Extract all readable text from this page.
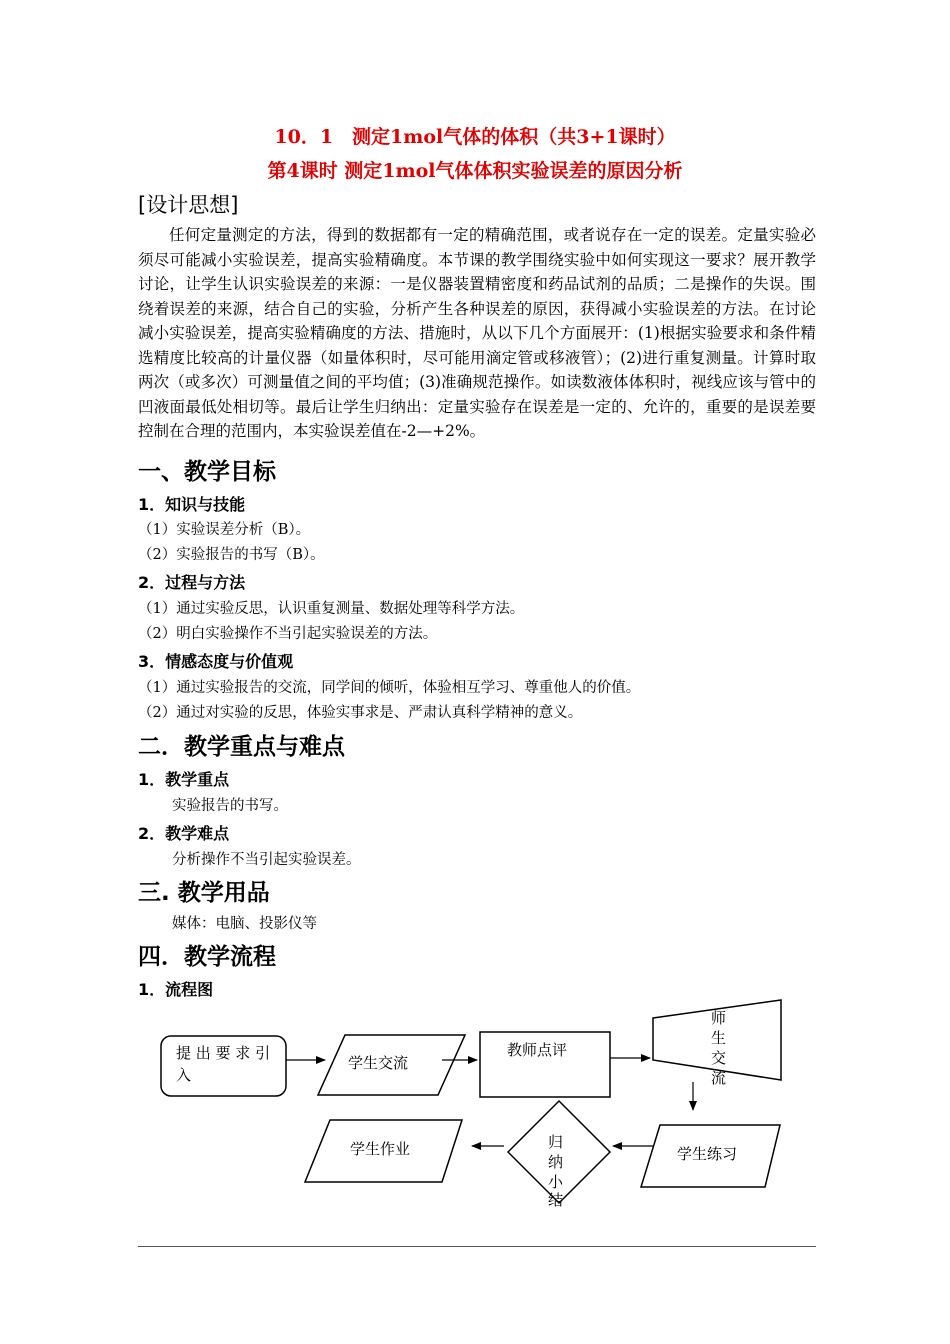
10．1　测定1mol气体的体积（共3+1课时）
第4课时 测定1mol气体体积实验误差的原因分析
[设计思想]
任何定量测定的方法，得到的数据都有一定的精确范围，或者说存在一定的误差。定量实验必须尽可能减小实验误差，提高实验精确度。本节课的教学围绕实验中如何实现这一要求？展开教学讨论，让学生认识实验误差的来源：一是仪器装置精密度和药品试剂的品质；二是操作的失误。围绕着误差的来源，结合自己的实验，分析产生各种误差的原因，获得减小实验误差的方法。在讨论减小实验误差，提高实验精确度的方法、措施时，从以下几个方面展开：(1)根据实验要求和条件精选精度比较高的计量仪器（如量体积时，尽可能用滴定管或移液管）；(2)进行重复测量。计算时取两次（或多次）可测量值之间的平均值；(3)准确规范操作。如读数液体体积时，视线应该与管中的凹液面最低处相切等。最后让学生归纳出：定量实验存在误差是一定的、允许的，重要的是误差要控制在合理的范围内，本实验误差值在-2—+2%。
一、教学目标
1．知识与技能
（1）实验误差分析（B）。
（2）实验报告的书写（B）。
2．过程与方法
（1）通过实验反思，认识重复测量、数据处理等科学方法。
（2）明白实验操作不当引起实验误差的方法。
3．情感态度与价值观
（1）通过实验报告的交流，同学间的倾听，体验相互学习、尊重他人的价值。
（2）通过对实验的反思，体验实事求是、严肃认真科学精神的意义。
二．教学重点与难点
1．教学重点
实验报告的书写。
2．教学难点
分析操作不当引起实验误差。
三. 教学用品
媒体：电脑、投影仪等
四．教学流程
1．流程图
提 出 要 求 引
入
学生交流
教师点评
师
生
交
流
学生练习
归
纳
小
结
学生作业
